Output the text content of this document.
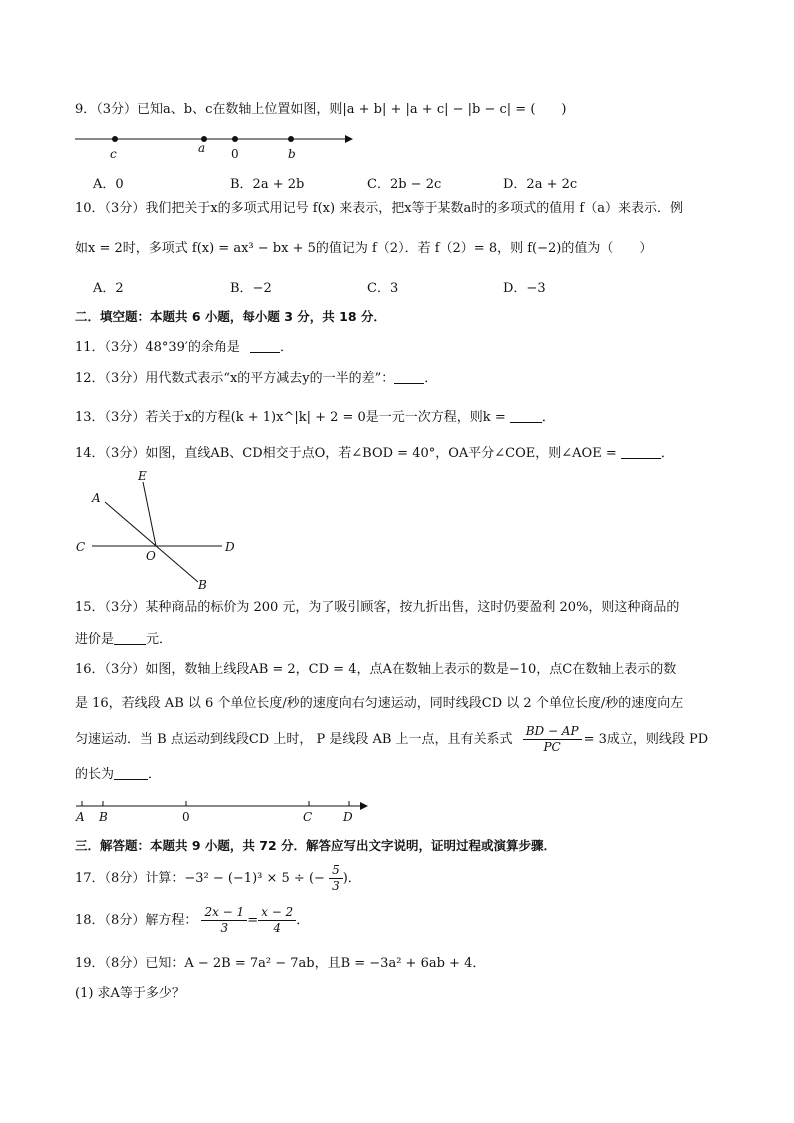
9．（3分）已知a、b、c在数轴上位置如图，则|a + b| + |a + c| − |b − c| = (　　)
c	a 0	b
A．0	B．2a + 2b	C．2b − 2c	D．2a + 2c
10．（3分）我们把关于x的多项式用记号 f(x) 来表示，把x等于某数a时的多项式的值用 f（a）来表示．例
如x = 2时，多项式 f(x) = ax³ − bx + 5的值记为 f（2）．若 f（2）= 8，则 f(−2)的值为（　　）
A．2	B．−2	C．3	D．−3
二．填空题：本题共 6 小题，每小题 3 分，共 18 分．
11．（3分）48°39′的余角是	．
12．（3分）用代数式表示“x的平方减去y的一半的差”： ．
13．（3分）若关于x的方程(k + 1)x^|k| + 2 = 0是一元一次方程，则k =	．
14．（3分）如图，直线AB、CD相交于点O，若∠BOD = 40°，OA平分∠COE，则∠AOE =	．
A
E
C
O
D
B
15．（3分）某种商品的标价为 200 元，为了吸引顾客，按九折出售，这时仍要盈利 20%，则这种商品的
进价是 元．
16．（3分）如图，数轴上线段AB = 2，CD = 4，点A在数轴上表示的数是−10，点C在数轴上表示的数
是 16，若线段 AB 以 6 个单位长度/秒的速度向右匀速运动，同时线段CD 以 2 个单位长度/秒的速度向左
匀速运动．当 B 点运动到线段CD 上时， P 是线段 AB 上一点，且有关系式 $\frac{BD - AP}{PC} = 3$成立，则线段 PD
的长为	．
A B	0	C	D
三．解答题：本题共 9 小题，共 72 分．解答应写出文字说明，证明过程或演算步骤．
17．（8分）计算：−3² − (−1)³ × 5 ÷ (− $\frac{5}{3}$ )．
18．（8分）解方程： $\frac{2x - 1}{3} = \frac{x - 2}{4}$ ．
19．（8分）已知：A − 2B = 7a² − 7ab，且B = −3a² + 6ab + 4．
(1) 求A等于多少？
